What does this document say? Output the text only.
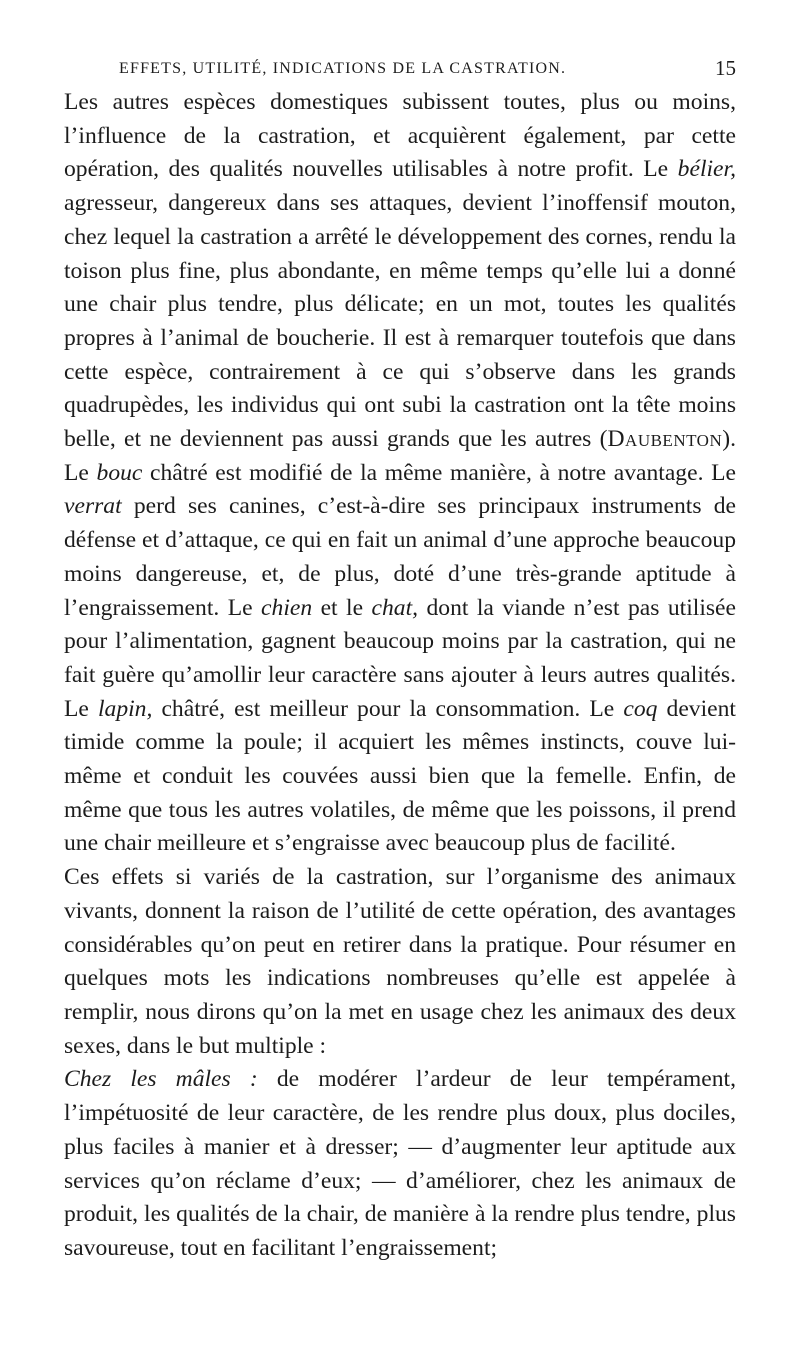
EFFETS, UTILITÉ, INDICATIONS DE LA CASTRATION.	15

Les autres espèces domestiques subissent toutes, plus ou moins, l’influence de la castration, et acquièrent également, par cette opération, des qualités nouvelles utilisables à notre profit. Le bélier, agresseur, dangereux dans ses attaques, devient l’inoffensif mouton, chez lequel la castration a arrêté le développement des cornes, rendu la toison plus fine, plus abondante, en même temps qu’elle lui a donné une chair plus tendre, plus délicate; en un mot, toutes les qualités propres à l’animal de boucherie. Il est à remarquer toutefois que dans cette espèce, contrairement à ce qui s’observe dans les grands quadrupèdes, les individus qui ont subi la castration ont la tête moins belle, et ne deviennent pas aussi grands que les autres (Daubenton). Le bouc châtré est modifié de la même manière, à notre avantage. Le verrat perd ses canines, c’est-à-dire ses principaux instruments de défense et d’attaque, ce qui en fait un animal d’une approche beaucoup moins dangereuse, et, de plus, doté d’une très-grande aptitude à l’engraissement. Le chien et le chat, dont la viande n’est pas utilisée pour l’alimentation, gagnent beaucoup moins par la castration, qui ne fait guère qu’amollir leur caractère sans ajouter à leurs autres qualités. Le lapin, châtré, est meilleur pour la consommation. Le coq devient timide comme la poule; il acquiert les mêmes instincts, couve lui-même et conduit les couvées aussi bien que la femelle. Enfin, de même que tous les autres volatiles, de même que les poissons, il prend une chair meilleure et s’engraisse avec beaucoup plus de facilité.

Ces effets si variés de la castration, sur l’organisme des animaux vivants, donnent la raison de l’utilité de cette opération, des avantages considérables qu’on peut en retirer dans la pratique. Pour résumer en quelques mots les indications nombreuses qu’elle est appelée à remplir, nous dirons qu’on la met en usage chez les animaux des deux sexes, dans le but multiple :

Chez les mâles : de modérer l’ardeur de leur tempérament, l’impétuosité de leur caractère, de les rendre plus doux, plus dociles, plus faciles à manier et à dresser; — d’augmenter leur aptitude aux services qu’on réclame d’eux; — d’améliorer, chez les animaux de produit, les qualités de la chair, de manière à la rendre plus tendre, plus savoureuse, tout en facilitant l’engraissement;
